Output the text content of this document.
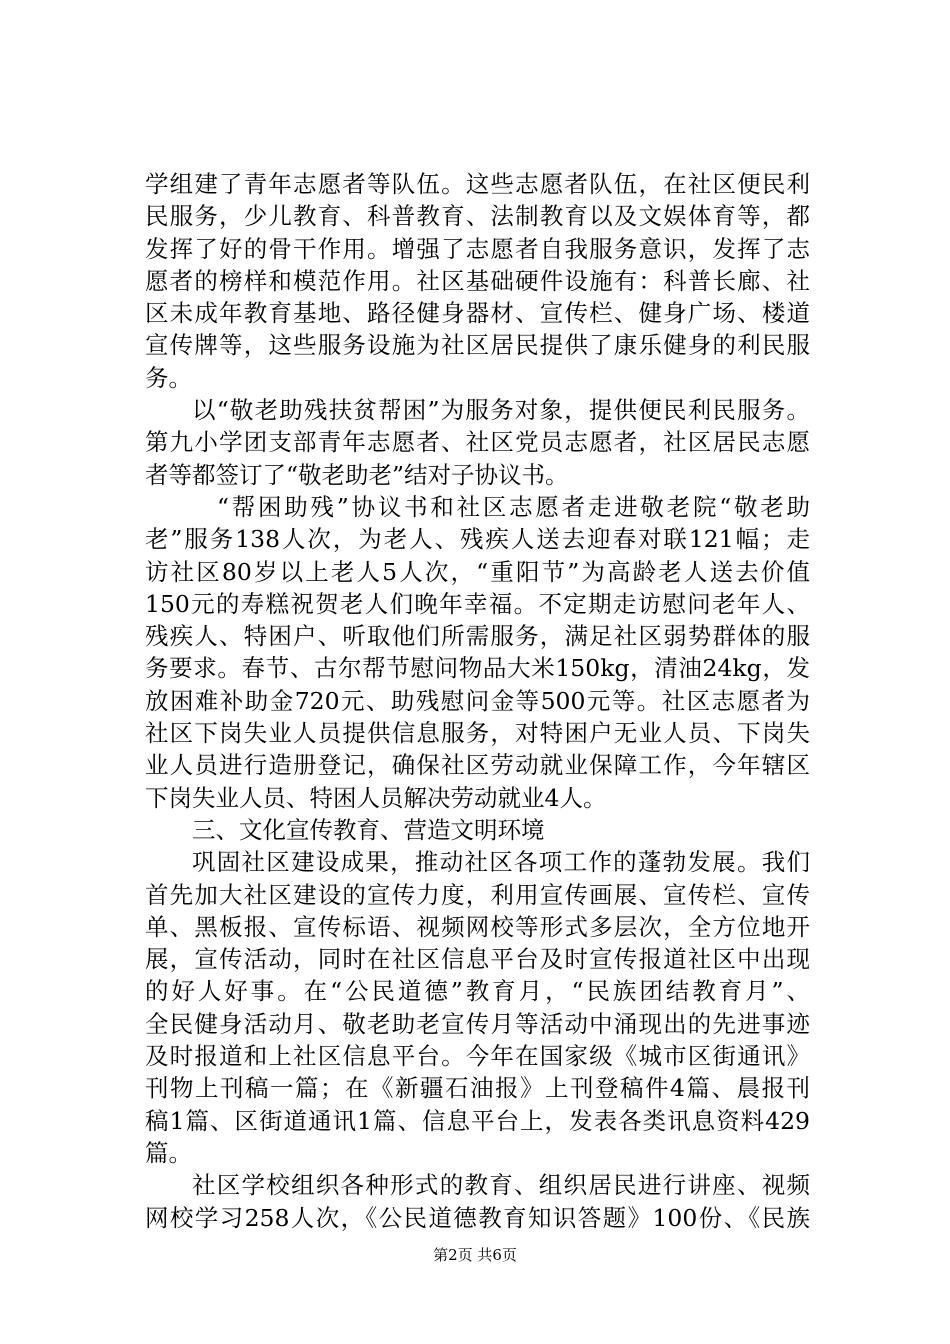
学组建了青年志愿者等队伍。这些志愿者队伍，在社区便民利
民服务，少儿教育、科普教育、法制教育以及文娱体育等，都
发挥了好的骨干作用。增强了志愿者自我服务意识，发挥了志
愿者的榜样和模范作用。社区基础硬件设施有：科普长廊、社
区未成年教育基地、路径健身器材、宣传栏、健身广场、楼道
宣传牌等，这些服务设施为社区居民提供了康乐健身的利民服
务。
以“敬老助残扶贫帮困”为服务对象，提供便民利民服务。
第九小学团支部青年志愿者、社区党员志愿者，社区居民志愿
者等都签订了“敬老助老”结对子协议书。
“帮困助残”协议书和社区志愿者走进敬老院“敬老助
老”服务138人次，为老人、残疾人送去迎春对联121幅；走
访社区80岁以上老人5人次，“重阳节”为高龄老人送去价值
150元的寿糕祝贺老人们晚年幸福。不定期走访慰问老年人、
残疾人、特困户、听取他们所需服务，满足社区弱势群体的服
务要求。春节、古尔帮节慰问物品大米150kg，清油24kg，发
放困难补助金720元、助残慰问金等500元等。社区志愿者为
社区下岗失业人员提供信息服务，对特困户无业人员、下岗失
业人员进行造册登记，确保社区劳动就业保障工作，今年辖区
下岗失业人员、特困人员解决劳动就业4人。
三、文化宣传教育、营造文明环境
巩固社区建设成果，推动社区各项工作的蓬勃发展。我们
首先加大社区建设的宣传力度，利用宣传画展、宣传栏、宣传
单、黑板报、宣传标语、视频网校等形式多层次，全方位地开
展，宣传活动，同时在社区信息平台及时宣传报道社区中出现
的好人好事。在“公民道德”教育月，“民族团结教育月”、
全民健身活动月、敬老助老宣传月等活动中涌现出的先进事迹
及时报道和上社区信息平台。今年在国家级《城市区街通讯》
刊物上刊稿一篇；在《新疆石油报》上刊登稿件4篇、晨报刊
稿1篇、区街道通讯1篇、信息平台上，发表各类讯息资料429
篇。
社区学校组织各种形式的教育、组织居民进行讲座、视频
网校学习258人次，《公民道德教育知识答题》100份、《民族
第2页 共6页
